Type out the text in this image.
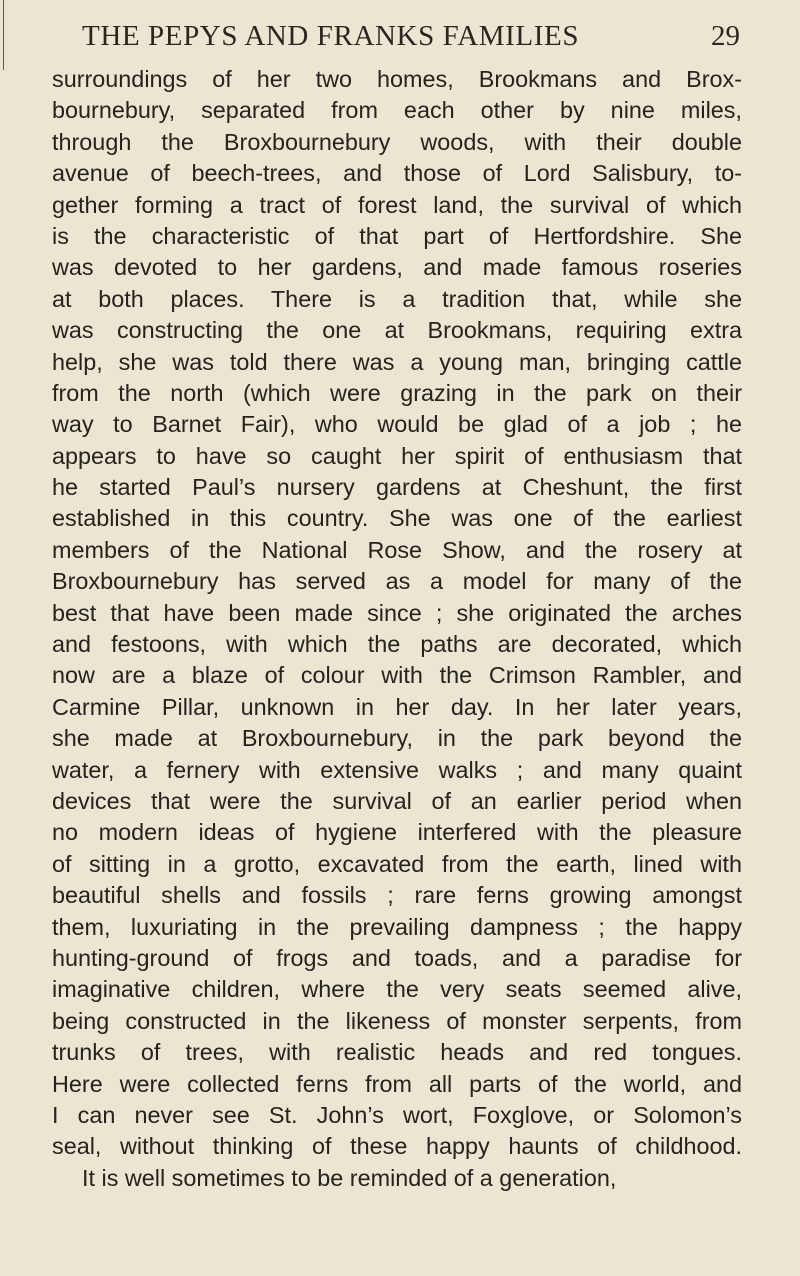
THE PEPYS AND FRANKS FAMILIES	29
surroundings of her two homes, Brookmans and Brox-
bournebury, separated from each other by nine miles,
through the Broxbournebury woods, with their double
avenue of beech-trees, and those of Lord Salisbury, to-
gether forming a tract of forest land, the survival of which
is the characteristic of that part of Hertfordshire. She
was devoted to her gardens, and made famous roseries
at both places. There is a tradition that, while she
was constructing the one at Brookmans, requiring extra
help, she was told there was a young man, bringing cattle
from the north (which were grazing in the park on their
way to Barnet Fair), who would be glad of a job ; he
appears to have so caught her spirit of enthusiasm that
he started Paul’s nursery gardens at Cheshunt, the first
established in this country. She was one of the earliest
members of the National Rose Show, and the rosery at
Broxbournebury has served as a model for many of the
best that have been made since ; she originated the arches
and festoons, with which the paths are decorated, which
now are a blaze of colour with the Crimson Rambler, and
Carmine Pillar, unknown in her day. In her later years,
she made at Broxbournebury, in the park beyond the
water, a fernery with extensive walks ; and many quaint
devices that were the survival of an earlier period when
no modern ideas of hygiene interfered with the pleasure
of sitting in a grotto, excavated from the earth, lined with
beautiful shells and fossils ; rare ferns growing amongst
them, luxuriating in the prevailing dampness ; the happy
hunting-ground of frogs and toads, and a paradise for
imaginative children, where the very seats seemed alive,
being constructed in the likeness of monster serpents, from
trunks of trees, with realistic heads and red tongues.
Here were collected ferns from all parts of the world, and
I can never see St. John’s wort, Foxglove, or Solomon’s
seal, without thinking of these happy haunts of childhood.
It is well sometimes to be reminded of a generation,
